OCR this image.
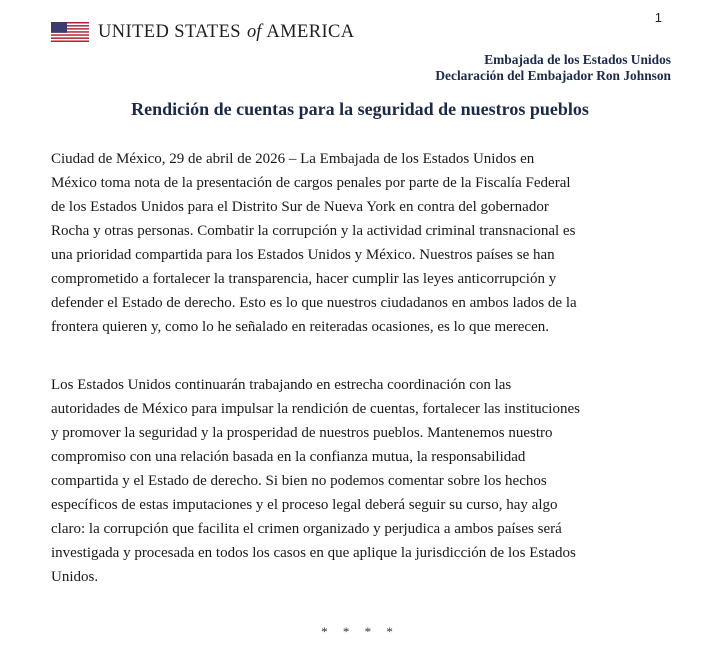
1
UNITED STATES of AMERICA
Embajada de los Estados Unidos
Declaración del Embajador Ron Johnson
Rendición de cuentas para la seguridad de nuestros pueblos

Ciudad de México, 29 de abril de 2026 – La Embajada de los Estados Unidos en
México toma nota de la presentación de cargos penales por parte de la Fiscalía Federal
de los Estados Unidos para el Distrito Sur de Nueva York en contra del gobernador
Rocha y otras personas. Combatir la corrupción y la actividad criminal transnacional es
una prioridad compartida para los Estados Unidos y México. Nuestros países se han
comprometido a fortalecer la transparencia, hacer cumplir las leyes anticorrupción y
defender el Estado de derecho. Esto es lo que nuestros ciudadanos en ambos lados de la
frontera quieren y, como lo he señalado en reiteradas ocasiones, es lo que merecen.

Los Estados Unidos continuarán trabajando en estrecha coordinación con las
autoridades de México para impulsar la rendición de cuentas, fortalecer las instituciones
y promover la seguridad y la prosperidad de nuestros pueblos. Mantenemos nuestro
compromiso con una relación basada en la confianza mutua, la responsabilidad
compartida y el Estado de derecho. Si bien no podemos comentar sobre los hechos
específicos de estas imputaciones y el proceso legal deberá seguir su curso, hay algo
claro: la corrupción que facilita el crimen organizado y perjudica a ambos países será
investigada y procesada en todos los casos en que aplique la jurisdicción de los Estados
Unidos.

* * * *
